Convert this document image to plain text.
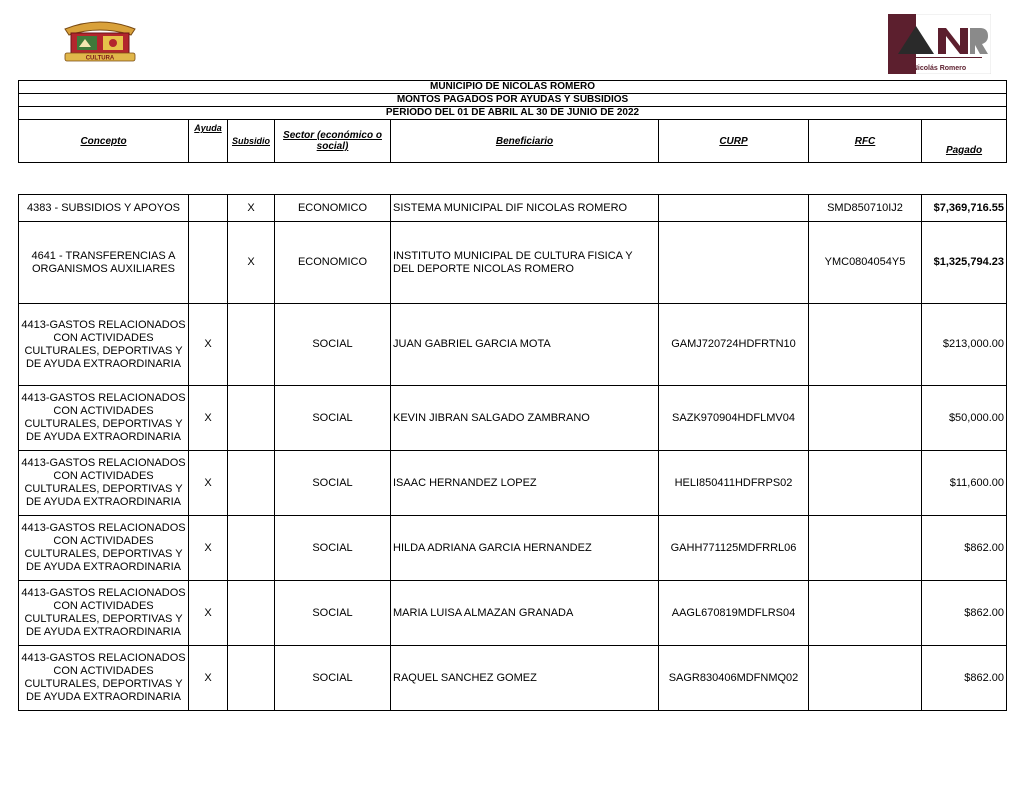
CULTURA
Nicolás Romero
MUNICIPIO DE NICOLAS ROMERO
MONTOS PAGADOS POR AYUDAS Y SUBSIDIOS
PERIODO DEL 01 DE ABRIL AL 30 DE JUNIO DE 2022
Concepto	Ayuda	Subsidio	Sector (económico o social)	Beneficiario	CURP	RFC	Pagado
4383 - SUBSIDIOS Y APOYOS		X	ECONOMICO	SISTEMA MUNICIPAL DIF NICOLAS ROMERO		SMD850710IJ2	$7,369,716.55
4641 - TRANSFERENCIAS A ORGANISMOS AUXILIARES		X	ECONOMICO	INSTITUTO MUNICIPAL DE CULTURA FISICA Y DEL DEPORTE NICOLAS ROMERO		YMC0804054Y5	$1,325,794.23
4413-GASTOS RELACIONADOS CON ACTIVIDADES CULTURALES, DEPORTIVAS Y DE AYUDA EXTRAORDINARIA	X		SOCIAL	JUAN GABRIEL GARCIA MOTA	GAMJ720724HDFRTN10		$213,000.00
4413-GASTOS RELACIONADOS CON ACTIVIDADES CULTURALES, DEPORTIVAS Y DE AYUDA EXTRAORDINARIA	X		SOCIAL	KEVIN JIBRAN SALGADO ZAMBRANO	SAZK970904HDFLMV04		$50,000.00
4413-GASTOS RELACIONADOS CON ACTIVIDADES CULTURALES, DEPORTIVAS Y DE AYUDA EXTRAORDINARIA	X		SOCIAL	ISAAC HERNANDEZ LOPEZ	HELI850411HDFRPS02		$11,600.00
4413-GASTOS RELACIONADOS CON ACTIVIDADES CULTURALES, DEPORTIVAS Y DE AYUDA EXTRAORDINARIA	X		SOCIAL	HILDA ADRIANA GARCIA HERNANDEZ	GAHH771125MDFRRL06		$862.00
4413-GASTOS RELACIONADOS CON ACTIVIDADES CULTURALES, DEPORTIVAS Y DE AYUDA EXTRAORDINARIA	X		SOCIAL	MARIA LUISA ALMAZAN GRANADA	AAGL670819MDFLRS04		$862.00
4413-GASTOS RELACIONADOS CON ACTIVIDADES CULTURALES, DEPORTIVAS Y DE AYUDA EXTRAORDINARIA	X		SOCIAL	RAQUEL SANCHEZ GOMEZ	SAGR830406MDFNMQ02		$862.00
